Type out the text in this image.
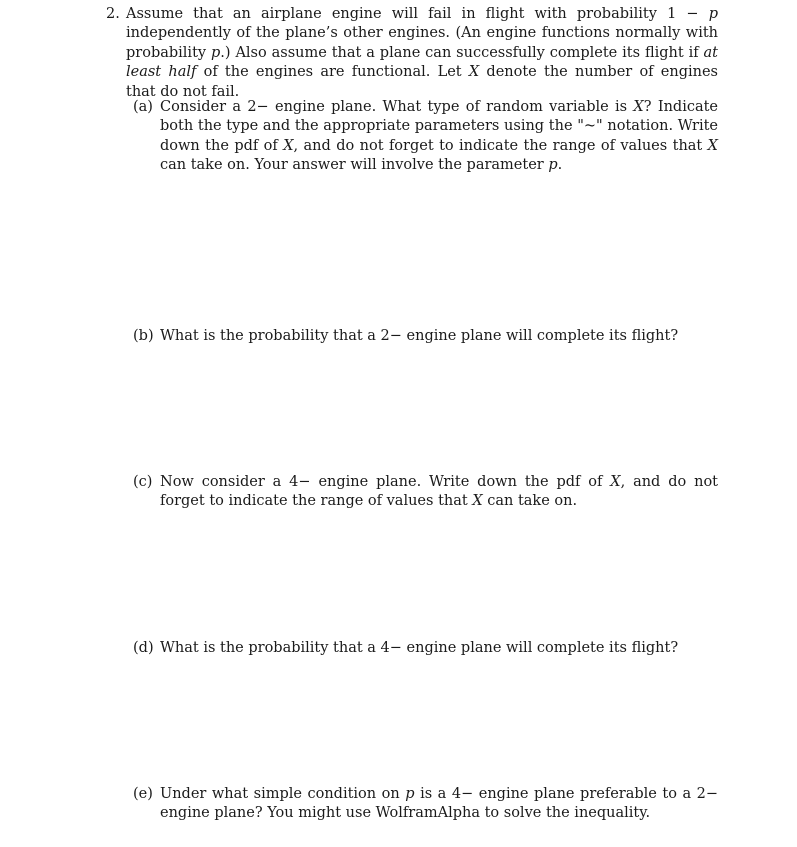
2. Assume that an airplane engine will fail in flight with probability 1 − p independently of the plane’s other engines. (An engine functions normally with probability p.) Also assume that a plane can successfully complete its flight if at least half of the engines are functional. Let X denote the number of engines that do not fail.
(a) Consider a 2− engine plane. What type of random variable is X? Indicate both the type and the appropriate parameters using the "~" notation. Write down the pdf of X, and do not forget to indicate the range of values that X can take on. Your answer will involve the parameter p.
(b) What is the probability that a 2− engine plane will complete its flight?
(c) Now consider a 4− engine plane. Write down the pdf of X, and do not forget to indicate the range of values that X can take on.
(d) What is the probability that a 4− engine plane will complete its flight?
(e) Under what simple condition on p is a 4− engine plane preferable to a 2− engine plane? You might use WolframAlpha to solve the inequality.
